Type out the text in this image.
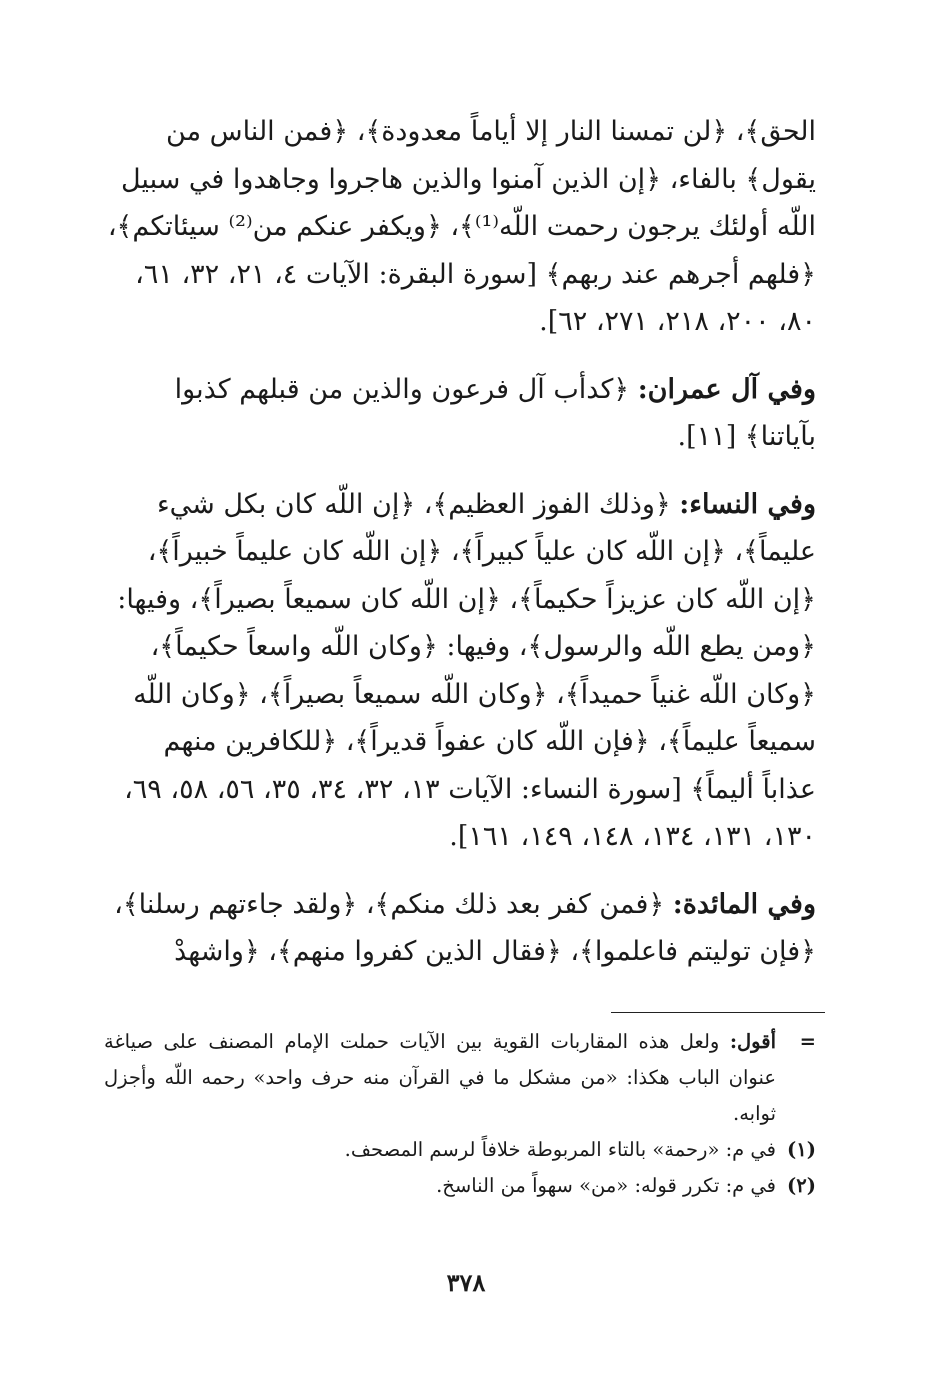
الحق﴾، ﴿لن تمسنا النار إلا أياماً معدودة﴾، ﴿فمن الناس من يقول﴾ بالفاء، ﴿إن الذين آمنوا والذين هاجروا وجاهدوا في سبيل اللّه أولئك يرجون رحمت اللّه⁽¹⁾﴾، ﴿ويكفر عنكم من⁽²⁾ سيئاتكم﴾، ﴿فلهم أجرهم عند ربهم﴾ [سورة البقرة: الآيات ٤، ٢١، ٣٢، ٦١، ٨٠، ٢٠٠، ٢١٨، ٢٧١، ٦٢].

وفي آل عمران: ﴿كدأب آل فرعون والذين من قبلهم كذبوا بآياتنا﴾ [١١].

وفي النساء: ﴿وذلك الفوز العظيم﴾، ﴿إن اللّه كان بكل شيء عليماً﴾، ﴿إن اللّه كان علياً كبيراً﴾، ﴿إن اللّه كان عليماً خبيراً﴾، ﴿إن اللّه كان عزيزاً حكيماً﴾، ﴿إن اللّه كان سميعاً بصيراً﴾، وفيها: ﴿ومن يطع اللّه والرسول﴾، وفيها: ﴿وكان اللّه واسعاً حكيماً﴾، ﴿وكان اللّه غنياً حميداً﴾، ﴿وكان اللّه سميعاً بصيراً﴾، ﴿وكان اللّه سميعاً عليماً﴾، ﴿فإن اللّه كان عفواً قديراً﴾، ﴿للكافرين منهم عذاباً أليماً﴾ [سورة النساء: الآيات ١٣، ٣٢، ٣٤، ٣٥، ٥٦، ٥٨، ٦٩، ١٣٠، ١٣١، ١٣٤، ١٤٨، ١٤٩، ١٦١].

وفي المائدة: ﴿فمن كفر بعد ذلك منكم﴾، ﴿ولقد جاءتهم رسلنا﴾، ﴿فإن توليتم فاعلموا﴾، ﴿فقال الذين كفروا منهم﴾، ﴿واشهدْ

=
أقول: ولعل هذه المقاربات القوية بين الآيات حملت الإمام المصنف على صياغة عنوان الباب هكذا: «من مشكل ما في القرآن منه حرف واحد» رحمه اللّه وأجزل ثوابه.

(١)
في م: «رحمة» بالتاء المربوطة خلافاً لرسم المصحف.

(٢)
في م: تكرر قوله: «من» سهواً من الناسخ.

٣٧٨
